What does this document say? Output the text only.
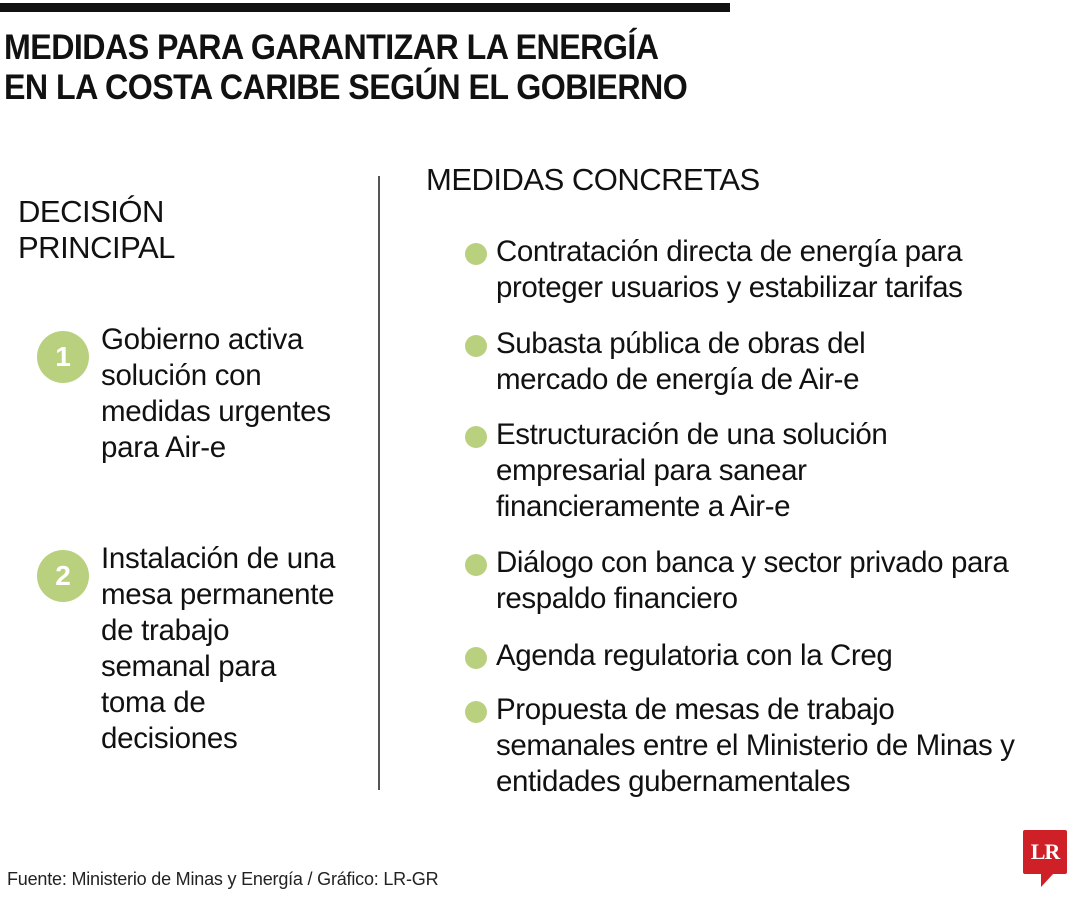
MEDIDAS PARA GARANTIZAR LA ENERGÍA
EN LA COSTA CARIBE SEGÚN EL GOBIERNO
DECISIÓN
PRINCIPAL
1
Gobierno activa solución con medidas urgentes para Air-e
2
Instalación de una mesa permanente de trabajo semanal para toma de decisiones
MEDIDAS CONCRETAS
Contratación directa de energía para proteger usuarios y estabilizar tarifas
Subasta pública de obras del mercado de energía de Air-e
Estructuración de una solución empresarial para sanear financieramente a Air-e
Diálogo con banca y sector privado para respaldo financiero
Agenda regulatoria con la Creg
Propuesta de mesas de trabajo semanales entre el Ministerio de Minas y entidades gubernamentales
Fuente: Ministerio de Minas y Energía / Gráfico: LR-GR
LR
